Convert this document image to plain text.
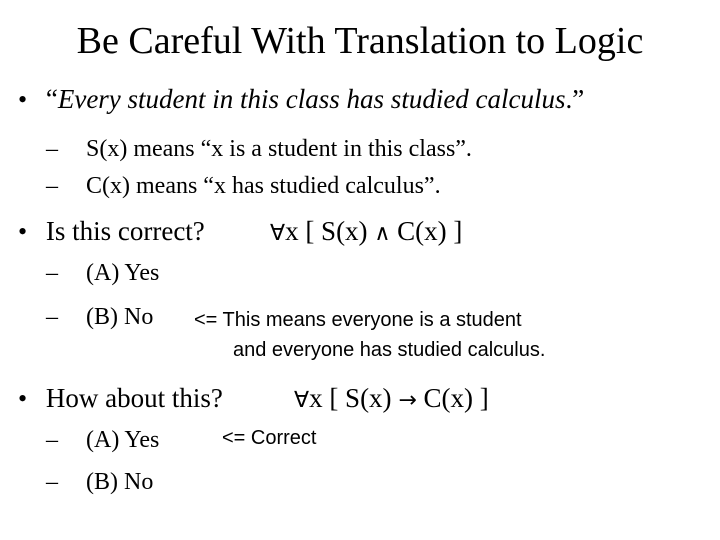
Be Careful With Translation to Logic
• “Every student in this class has studied calculus.”
– S(x) means “x is a student in this class”.
– C(x) means “x has studied calculus”.
• Is this correct?	∀x [ S(x) ∧ C(x) ]
– (A) Yes
– (B) No <= This means everyone is a student
and everyone has studied calculus.
• How about this?	∀x [ S(x) → C(x) ]
– (A) Yes	<= Correct
– (B) No
